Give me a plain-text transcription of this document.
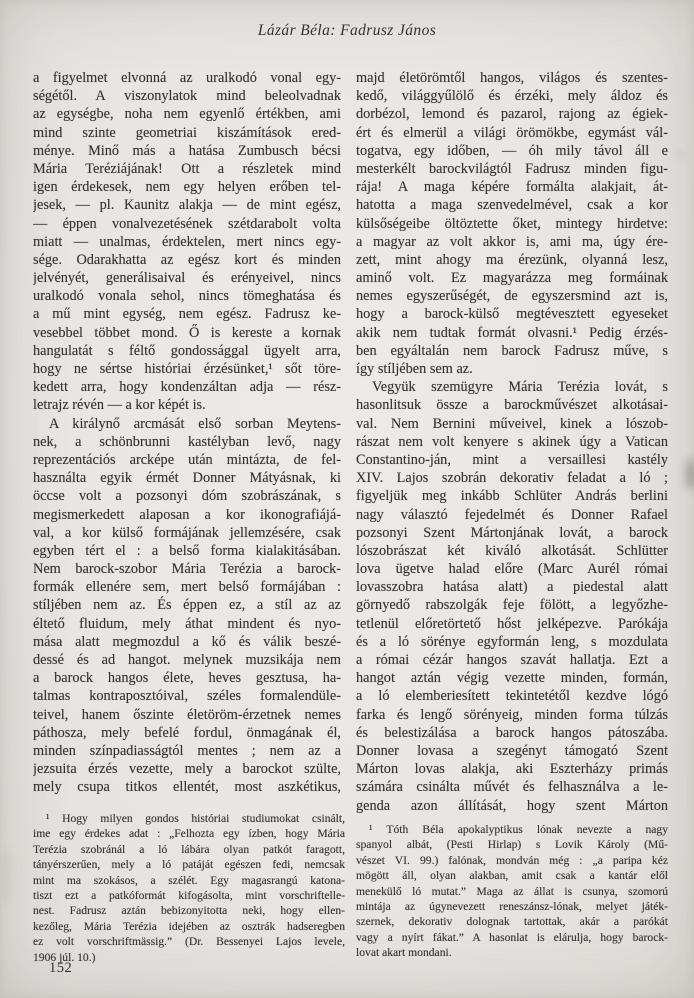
Lázár Béla: Fadrusz János
a figyelmet elvonná az uralkodó vonal egy-
ségétől. A viszonylatok mind beleolvadnak
az egységbe, noha nem egyenlő értékben, ami
mind szinte geometriai kiszámítások ered-
ménye. Minő más a hatása Zumbusch bécsi
Mária Teréziájának! Ott a részletek mind
igen érdekesek, nem egy helyen erőben tel-
jesek, — pl. Kaunitz alakja — de mint egész,
— éppen vonalvezetésének szétdarabolt volta
miatt — unalmas, érdektelen, mert nincs egy-
sége. Odarakhatta az egész kort és minden
jelvényét, generálisaival és erényeivel, nincs
uralkodó vonala sehol, nincs tömeghatása és
a mű mint egység, nem egész. Fadrusz ke-
vesebbel többet mond. Ő is kereste a kornak
hangulatát s féltő gondossággal ügyelt arra,
hogy ne sértse históriai érzésünket,¹ sőt töre-
kedett arra, hogy kondenzáltan adja — rész-
letrajz révén — a kor képét is.
A királynő arcmását első sorban Meytens-
nek, a schönbrunni kastélyban levő, nagy
reprezentációs arcképe után mintázta, de fel-
használta egyik érmét Donner Mátyásnak, ki
öccse volt a pozsonyi dóm szobrászának, s
megismerkedett alaposan a kor ikonografiájá-
val, a kor külső formájának jellemzésére, csak
egyben tért el : a belső forma kialakitásában.
Nem barock-szobor Mária Terézia a barock-
formák ellenére sem, mert belső formájában :
stíljében nem az. És éppen ez, a stíl az az
éltető fluidum, mely áthat mindent és nyo-
mása alatt megmozdul a kő és válik beszé-
dessé és ad hangot. melynek muzsikája nem
a barock hangos élete, heves gesztusa, ha-
talmas kontraposztóival, széles formalendüle-
teivel, hanem őszinte életöröm-érzetnek nemes
páthosza, mely befelé fordul, önmagának él,
minden színpadiasságtól mentes ; nem az a
jezsuita érzés vezette, mely a barockot szülte,
mely csupa titkos ellentét, most aszkétikus,
¹ Hogy milyen gondos históriai studiumokat csinált,
ime egy érdekes adat : „Felhozta egy ízben, hogy Mária
Terézia szobránál a ló lábára olyan patkót faragott,
tányérszerűen, mely a ló patáját egészen fedi, nemcsak
mint ma szokásos, a szélét. Egy magasrangú katona-
tiszt ezt a patkóformát kifogásolta, mint vorschriftelle-
nest. Fadrusz aztán bebizonyitotta neki, hogy ellen-
kezőleg, Mária Terézia idejében az osztrák hadseregben
ez volt vorschriftmässig.” (Dr. Bessenyei Lajos levele,
1906 júl. 10.)
majd életörömtől hangos, világos és szentes-
kedő, világgyűlölő és érzéki, mely áldoz és
dorbézol, lemond és pazarol, rajong az égiek-
ért és elmerül a világi örömökbe, egymást vál-
togatva, egy időben, — óh mily távol áll e
mesterkélt barockvilágtól Fadrusz minden figu-
rája! A maga képére formálta alakjait, át-
hatotta a maga szenvedelmével, csak a kor
külsőségeibe öltöztette őket, mintegy hirdetve:
a magyar az volt akkor is, ami ma, úgy ére-
zett, mint ahogy ma érezünk, olyanná lesz,
aminő volt. Ez magyarázza meg formáinak
nemes egyszerűségét, de egyszersmind azt is,
hogy a barock-külső megtévesztett egyeseket
akik nem tudtak formát olvasni.¹ Pedig érzés-
ben egyáltalán nem barock Fadrusz műve, s
így stíljében sem az.
Vegyük szemügyre Mária Terézia lovát, s
hasonlitsuk össze a barockművészet alkotásai-
val. Nem Bernini műveivel, kinek a lószob-
rászat nem volt kenyere s akinek úgy a Vatican
Constantino-ján, mint a versaillesi kastély
XIV. Lajos szobrán dekorativ feladat a ló ;
figyeljük meg inkább Schlüter András berlini
nagy választó fejedelmét és Donner Rafael
pozsonyi Szent Mártonjának lovát, a barock
lószobrászat két kiváló alkotását. Schlütter
lova ügetve halad előre (Marc Aurél római
lovasszobra hatása alatt) a piedestal alatt
görnyedő rabszolgák feje fölött, a legyőzhe-
tetlenül előretörtető hőst jelképezve. Parókája
és a ló sörénye egyformán leng, s mozdulata
a római cézár hangos szavát hallatja. Ezt a
hangot aztán végig vezette minden, formán,
a ló elemberiesített tekintetétől kezdve lógó
farka és lengő sörényeig, minden forma túlzás
és belestizálása a barock hangos pátoszába.
Donner lovasa a szegényt támogató Szent
Márton lovas alakja, aki Eszterházy primás
számára csinálta művét és felhasználva a le-
genda azon állítását, hogy szent Márton
¹ Tóth Béla apokalyptikus lónak nevezte a nagy
spanyol albát, (Pesti Hirlap) s Lovik Károly (Mű-
vészet VI. 99.) falónak, mondván még : „a paripa kéz
mögött áll, olyan alakban, amit csak a kantár elől
menekülő ló mutat.” Maga az állat is csunya, szomorú
mintája az úgynevezett reneszánsz-lónak, melyet játék-
szernek, dekorativ dolognak tartottak, akár a parókát
vagy a nyírt fákat.” A hasonlat is elárulja, hogy barock-
lovat akart mondani.
152
